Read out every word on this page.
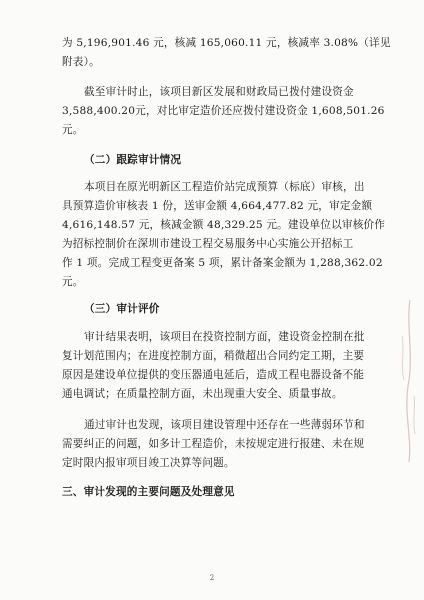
为 5,196,901.46 元，核减 165,060.11 元，核减率 3.08%（详见
附表）。
截至审计时止，该项目新区发展和财政局已拨付建设资金
3,588,400.20元，对比审定造价还应拨付建设资金 1,608,501.26
元。
（二）跟踪审计情况
本项目在原光明新区工程造价站完成预算（标底）审核，出
具预算造价审核表 1 份，送审金额 4,664,477.82 元，审定金额
4,616,148.57 元，核减金额 48,329.25 元。建设单位以审核价作
为招标控制价在深圳市建设工程交易服务中心实施公开招标工
作 1 项。完成工程变更备案 5 项，累计备案金额为 1,288,362.02
元。
（三）审计评价
审计结果表明，该项目在投资控制方面，建设资金控制在批
复计划范围内；在进度控制方面，稍微超出合同约定工期，主要
原因是建设单位提供的变压器通电延后，造成工程电器设备不能
通电调试；在质量控制方面，未出现重大安全、质量事故。
通过审计也发现，该项目建设管理中还存在一些薄弱环节和
需要纠正的问题，如多计工程造价，未按规定进行报建、未在规
定时限内报审项目竣工决算等问题。
三、审计发现的主要问题及处理意见
2
